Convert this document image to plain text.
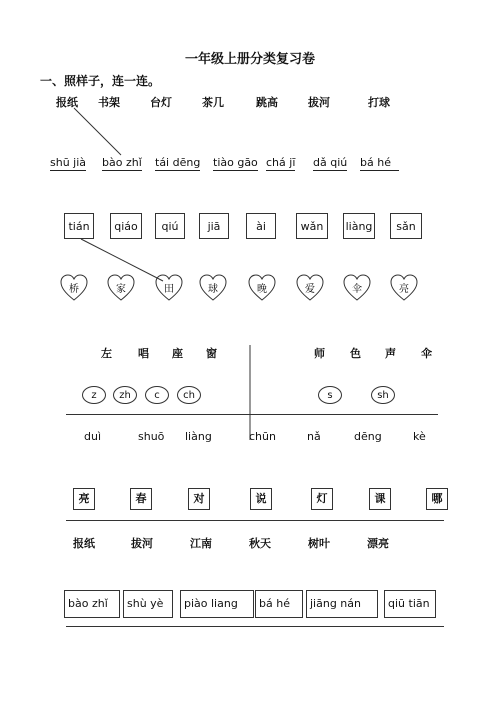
一年级上册分类复习卷
一、照样子，连一连。
报纸 书架	台灯	茶几	跳高	拔河	打球
shū jià bào zhǐ tái dēng tiào gāo chá jī dǎ qiú bá hé
tián	qiáo	qiú	jiā	ài	wǎn	liàng	sǎn
桥	家	田	球	晚	爱	伞	亮
左 唱 座 窗	师 色 声 伞
z	zh	c	ch	s	sh
duì	shuō liàng	chūn	nǎ	dēng	kè
亮	春	对	说	灯	课	哪
报纸	拔河	江南	秋天	树叶	漂亮
bào zhǐ	shù yè	piào liang	bá hé	jiāng nán	qiū tiān
